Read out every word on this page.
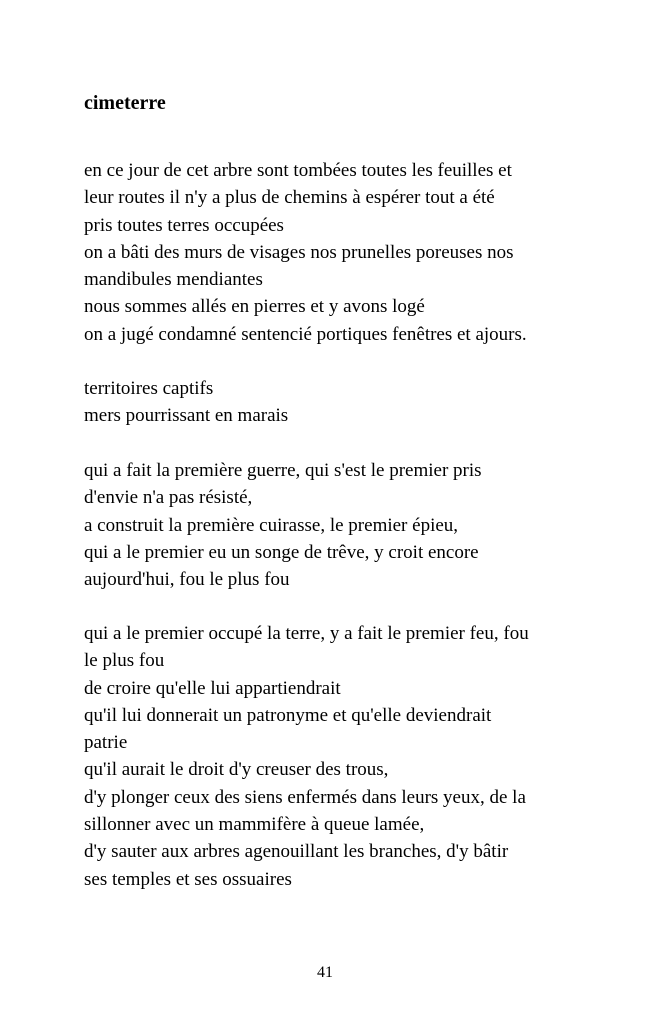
cimeterre
en ce jour de cet arbre sont tombées toutes les feuilles et
leur routes il n'y a plus de chemins à espérer tout a été
pris toutes terres occupées
on a bâti des murs de visages nos prunelles poreuses nos
mandibules mendiantes
nous sommes allés en pierres et y avons logé
on a jugé condamné sentencié portiques fenêtres et ajours.
territoires captifs
mers pourrissant en marais
qui a fait la première guerre, qui s'est le premier pris
d'envie n'a pas résisté,
a construit la première cuirasse, le premier épieu,
qui a le premier eu un songe de trêve, y croit encore
aujourd'hui, fou le plus fou
qui a le premier occupé la terre, y a fait le premier feu, fou
le plus fou
de croire qu'elle lui appartiendrait
qu'il lui donnerait un patronyme et qu'elle deviendrait
patrie
qu'il aurait le droit d'y creuser des trous,
d'y plonger ceux des siens enfermés dans leurs yeux, de la
sillonner avec un mammifère à queue lamée,
d'y sauter aux arbres agenouillant les branches, d'y bâtir
ses temples et ses ossuaires
41
